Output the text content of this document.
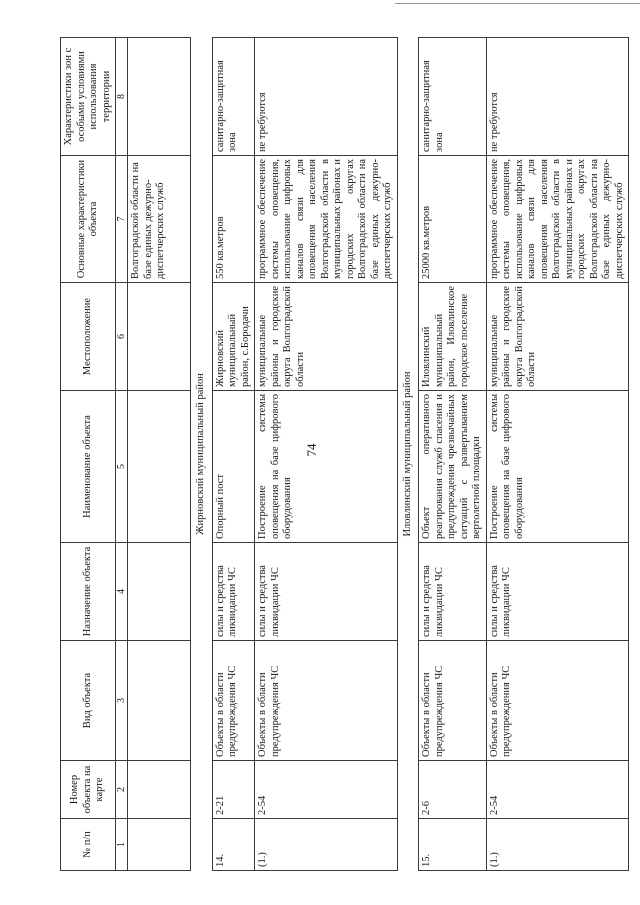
74
№ п/п	Номер объекта на карте	Вид объекта	Назначение объекта	Наименование объекта	Местоположение	Основные характеристики объекта	Характеристики зон с особыми условиями использования территории
1	2	3	4	5	6	7	8
						Волгоградской области на базе единых дежурно-диспетчерских служб	
Жирновский муниципальный район							
14.	2-21	Объекты в области предупреждения ЧС	силы и средства ликвидации ЧС	Опорный пост	Жирновский муниципальный район, с.Бородачи	550 кв.метров	санитарно-защитная зона
(1.)	2-54	Объекты в области предупреждения ЧС	силы и средства ликвидации ЧС	Построение системы оповещения на базе цифрового оборудования	муниципальные районы и городские округа Волгоградской области	программное обеспечение системы оповещения, использование цифровых каналов связи для оповещения населения Волгоградской области в муниципальных районах и городских округах Волгоградской области на базе единых дежурно-диспетчерских служб	не требуются
Иловлинский муниципальный район							
15.	2-6	Объекты в области предупреждения ЧС	силы и средства ликвидации ЧС	Объект оперативного реагирования служб спасения и предупреждения чрезвычайных ситуаций с развертыванием вертолетной площадки	Иловлинский муниципальный район, Иловлинское городское поселение	25000 кв.метров	санитарно-защитная зона
(1.)	2-54	Объекты в области предупреждения ЧС	силы и средства ликвидации ЧС	Построение системы оповещения на базе цифрового оборудования	муниципальные районы и городские округа Волгоградской области	программное обеспечение системы оповещения, использование цифровых каналов связи для оповещения населения Волгоградской области в муниципальных районах и городских округах Волгоградской области на базе единых дежурно-диспетчерских служб	не требуются
